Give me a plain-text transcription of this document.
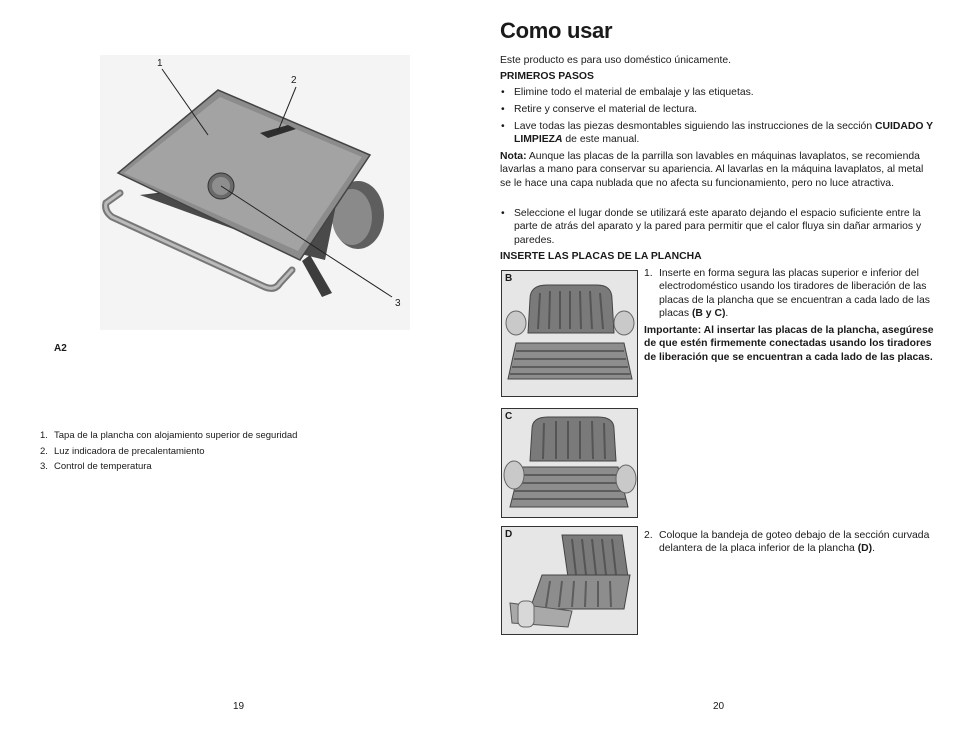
1
2
3
A2
1. Tapa de la plancha con alojamiento superior de seguridad
2. Luz indicadora de precalentamiento
3. Control de temperatura
19
Como usar
Este producto es para uso doméstico únicamente.
PRIMEROS PASOS
• Elimine todo el material de embalaje y las etiquetas.
• Retire y conserve el material de lectura.
• Lave todas las piezas desmontables siguiendo las instrucciones de la sección CUIDADO Y LIMPIEZA de este manual.
Nota: Aunque las placas de la parrilla son lavables en máquinas lavaplatos, se recomienda lavarlas a mano para conservar su apariencia. Al lavarlas en la máquina lavaplatos, al metal se le hace una capa nublada que no afecta su funcionamiento, pero no luce atractiva.
• Seleccione el lugar donde se utilizará este aparato dejando el espacio suficiente entre la parte de atrás del aparato y la pared para permitir que el calor fluya sin dañar armarios y paredes.
INSERTE LAS PLACAS DE LA PLANCHA
B	1. Inserte en forma segura las placas superior e inferior del electrodoméstico usando los tiradores de liberación de las placas de la plancha que se encuentran a cada lado de las placas (B y C).
Importante: Al insertar las placas de la plancha, asegúrese de que estén firmemente conectadas usando los tiradores de liberación que se encuentran a cada lado de las placas.
C
D	2. Coloque la bandeja de goteo debajo de la sección curvada delantera de la placa inferior de la plancha (D).
20
